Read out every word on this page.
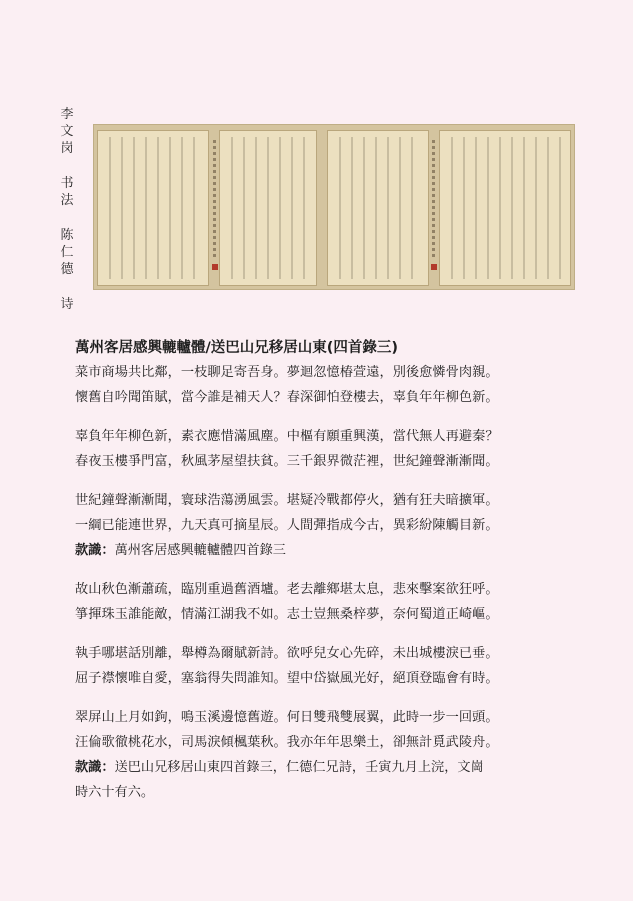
李
文
岗
书
法
陈
仁
德
诗

萬州客居感興轆轤體/送巴山兄移居山東(四首錄三)

菜市商場共比鄰，一枝聊足寄吾身。夢迴忽憶椿萱遠，別後愈憐骨肉親。
懷舊自吟聞笛賦，當今誰是補天人？春深御怕登樓去，辜負年年柳色新。
辜負年年柳色新，素衣應惜滿風塵。中樞有願重興漢，當代無人再避秦？
春夜玉樓爭門富，秋風茅屋望扶貧。三千銀界微茫裡，世紀鐘聲漸漸聞。
世紀鐘聲漸漸聞，寰球浩蕩湧風雲。堪疑冷戰都停火，猶有狂夫暗擴軍。
一綱已能連世界，九天真可摘星辰。人間彈指成今古，異彩紛陳觸目新。
款識：萬州客居感興轆轤體四首錄三
故山秋色漸蕭疏，臨別重過舊酒壚。老去離鄉堪太息，悲來擊案欲狂呼。
箏揮珠玉誰能敵，情滿江湖我不如。志士豈無桑梓夢，奈何蜀道正崎嶇。
執手哪堪話別離，舉樽為爾賦新詩。欲呼兒女心先碎，未出城樓淚已垂。
屈子襟懷唯自愛，塞翁得失問誰知。望中岱嶽風光好，絕頂登臨會有時。
翠屏山上月如鉤，鳴玉溪邊憶舊遊。何日雙飛雙展翼，此時一步一回頭。
汪倫歌徹桃花水，司馬淚傾楓葉秋。我亦年年思樂土，卻無計覓武陵舟。
款識：送巴山兄移居山東四首錄三，仁德仁兄詩，壬寅九月上浣，文崗
時六十有六。
